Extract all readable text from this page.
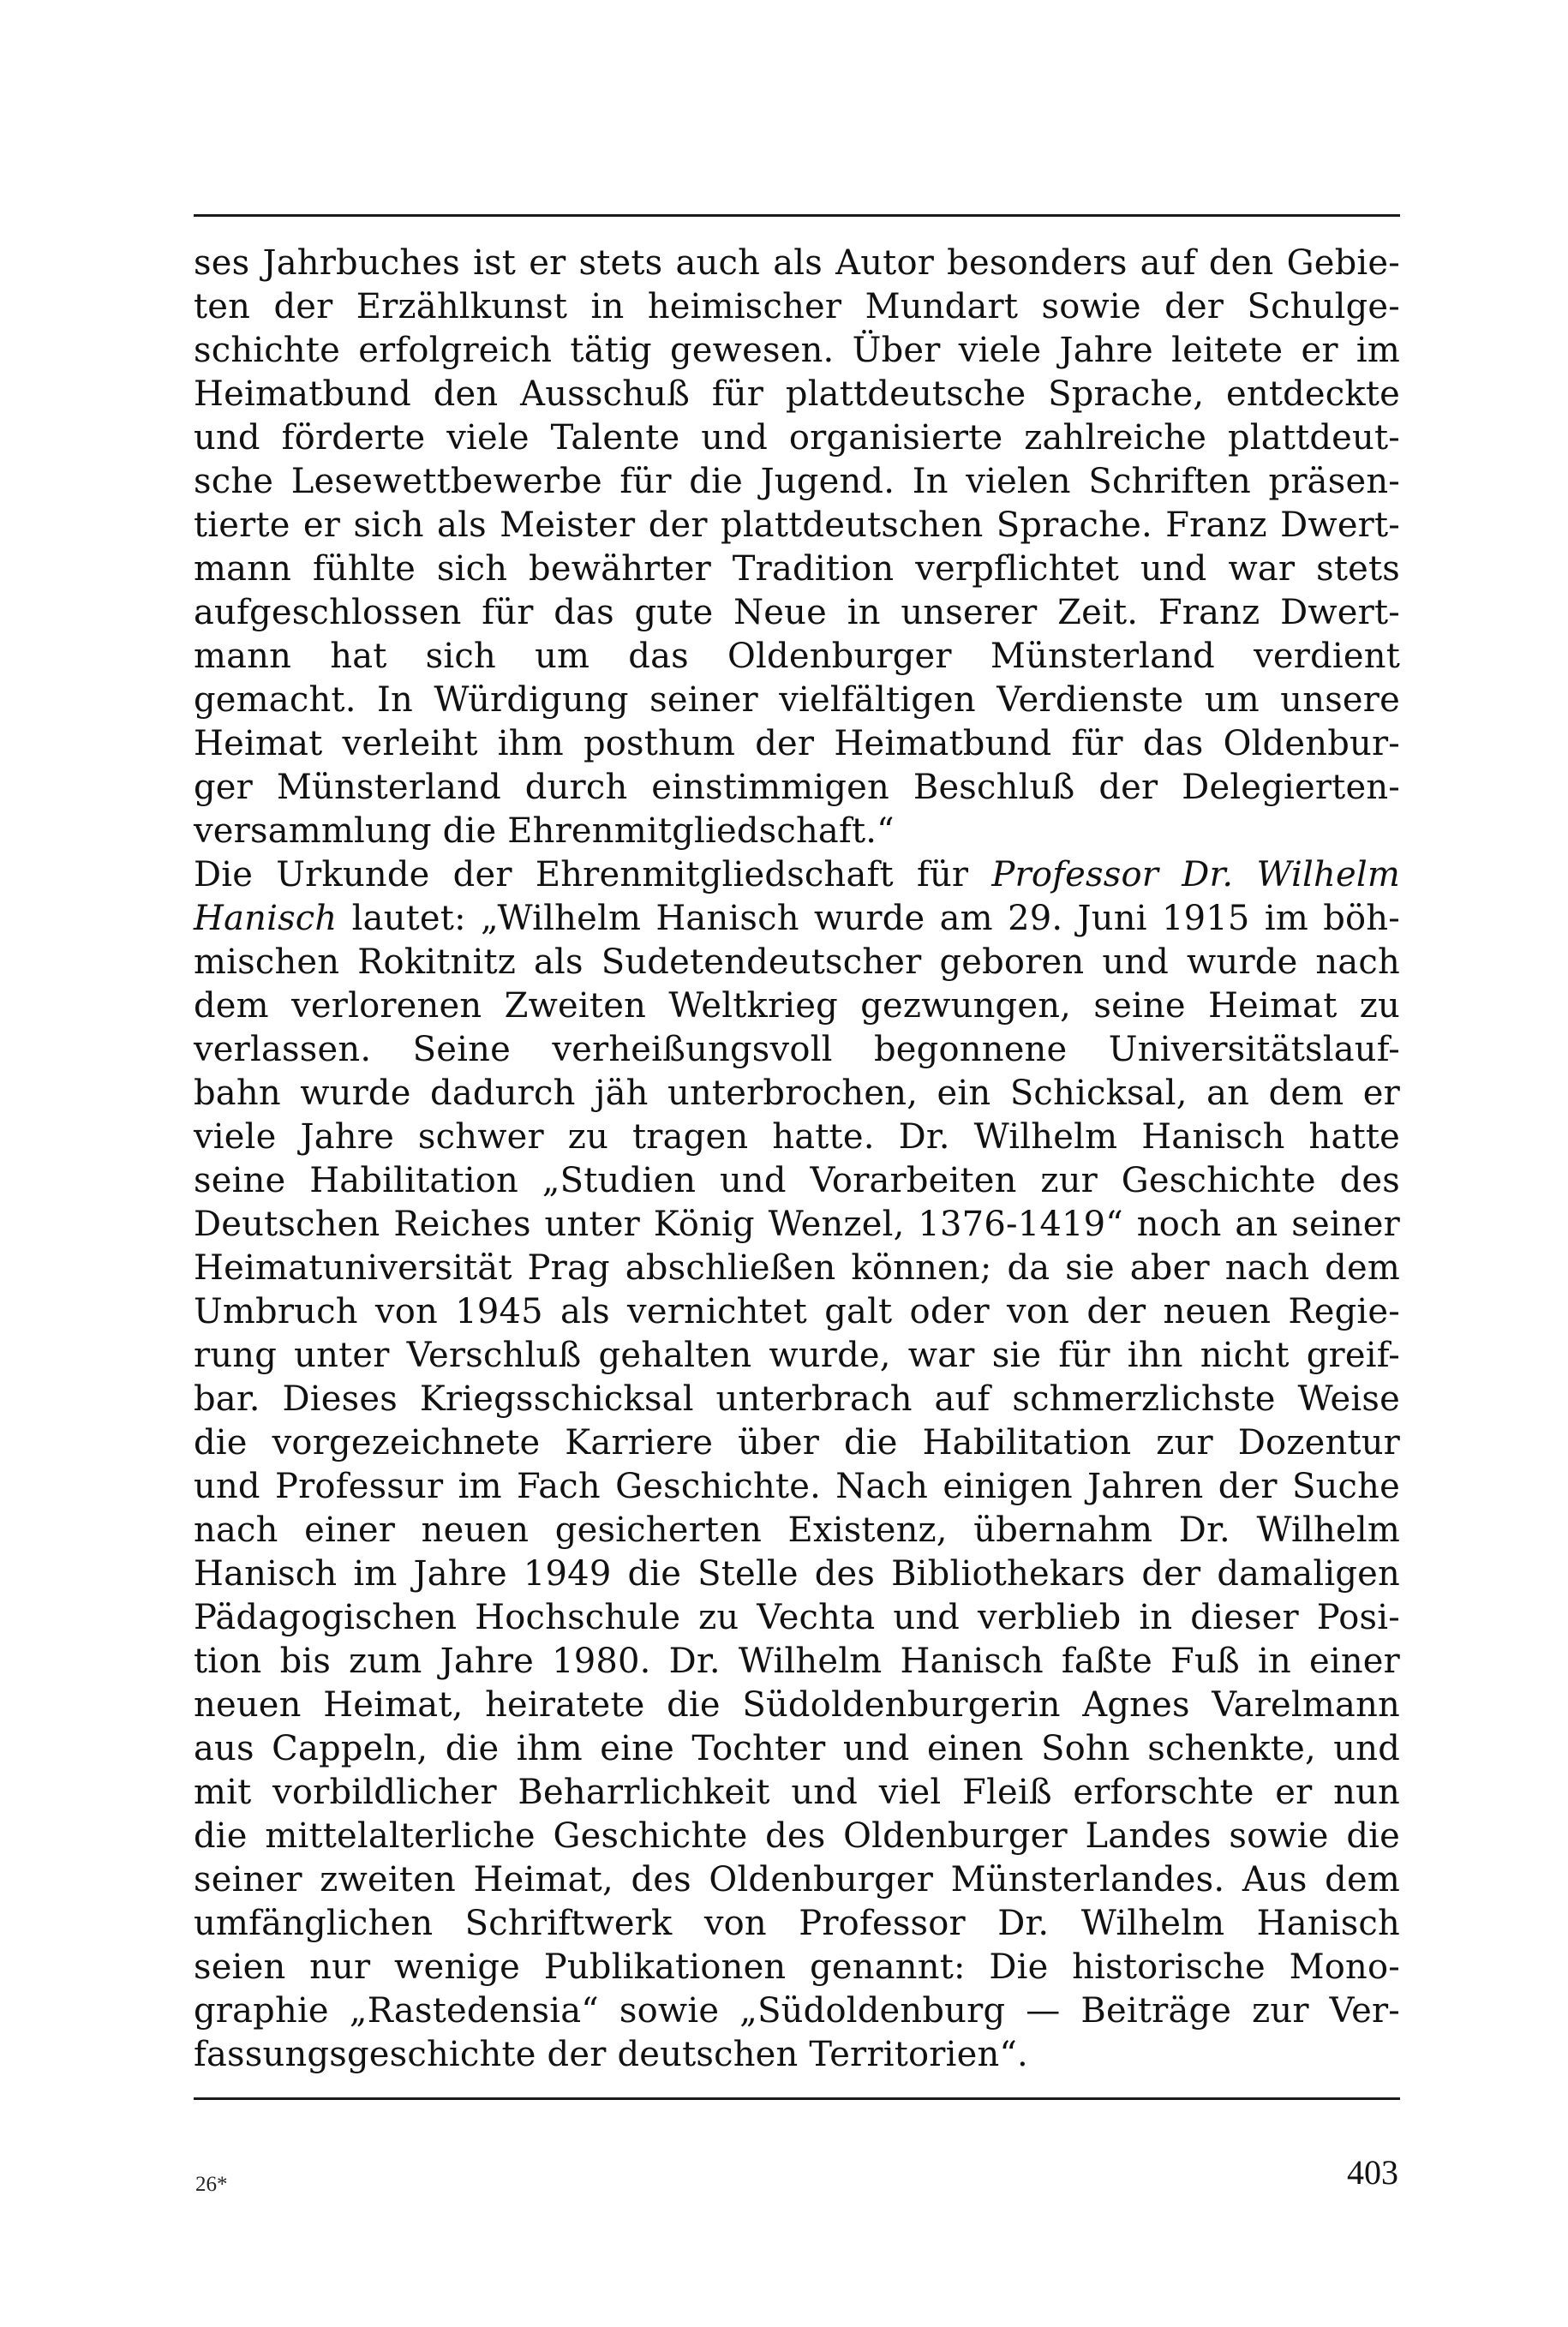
ses Jahrbuches ist er stets auch als Autor besonders auf den Gebie-
ten der Erzählkunst in heimischer Mundart sowie der Schulge-
schichte erfolgreich tätig gewesen. Über viele Jahre leitete er im
Heimatbund den Ausschuß für plattdeutsche Sprache, entdeckte
und förderte viele Talente und organisierte zahlreiche plattdeut-
sche Lesewettbewerbe für die Jugend. In vielen Schriften präsen-
tierte er sich als Meister der plattdeutschen Sprache. Franz Dwert-
mann fühlte sich bewährter Tradition verpflichtet und war stets
aufgeschlossen für das gute Neue in unserer Zeit. Franz Dwert-
mann hat sich um das Oldenburger Münsterland verdient
gemacht. In Würdigung seiner vielfältigen Verdienste um unsere
Heimat verleiht ihm posthum der Heimatbund für das Oldenbur-
ger Münsterland durch einstimmigen Beschluß der Delegierten-
versammlung die Ehrenmitgliedschaft.“
Die Urkunde der Ehrenmitgliedschaft für Professor Dr. Wilhelm
Hanisch lautet: „Wilhelm Hanisch wurde am 29. Juni 1915 im böh-
mischen Rokitnitz als Sudetendeutscher geboren und wurde nach
dem verlorenen Zweiten Weltkrieg gezwungen, seine Heimat zu
verlassen. Seine verheißungsvoll begonnene Universitätslauf-
bahn wurde dadurch jäh unterbrochen, ein Schicksal, an dem er
viele Jahre schwer zu tragen hatte. Dr. Wilhelm Hanisch hatte
seine Habilitation „Studien und Vorarbeiten zur Geschichte des
Deutschen Reiches unter König Wenzel, 1376-1419“ noch an seiner
Heimatuniversität Prag abschließen können; da sie aber nach dem
Umbruch von 1945 als vernichtet galt oder von der neuen Regie-
rung unter Verschluß gehalten wurde, war sie für ihn nicht greif-
bar. Dieses Kriegsschicksal unterbrach auf schmerzlichste Weise
die vorgezeichnete Karriere über die Habilitation zur Dozentur
und Professur im Fach Geschichte. Nach einigen Jahren der Suche
nach einer neuen gesicherten Existenz, übernahm Dr. Wilhelm
Hanisch im Jahre 1949 die Stelle des Bibliothekars der damaligen
Pädagogischen Hochschule zu Vechta und verblieb in dieser Posi-
tion bis zum Jahre 1980. Dr. Wilhelm Hanisch faßte Fuß in einer
neuen Heimat, heiratete die Südoldenburgerin Agnes Varelmann
aus Cappeln, die ihm eine Tochter und einen Sohn schenkte, und
mit vorbildlicher Beharrlichkeit und viel Fleiß erforschte er nun
die mittelalterliche Geschichte des Oldenburger Landes sowie die
seiner zweiten Heimat, des Oldenburger Münsterlandes. Aus dem
umfänglichen Schriftwerk von Professor Dr. Wilhelm Hanisch
seien nur wenige Publikationen genannt: Die historische Mono-
graphie „Rastedensia“ sowie „Südoldenburg — Beiträge zur Ver-
fassungsgeschichte der deutschen Territorien“.
26*	403
